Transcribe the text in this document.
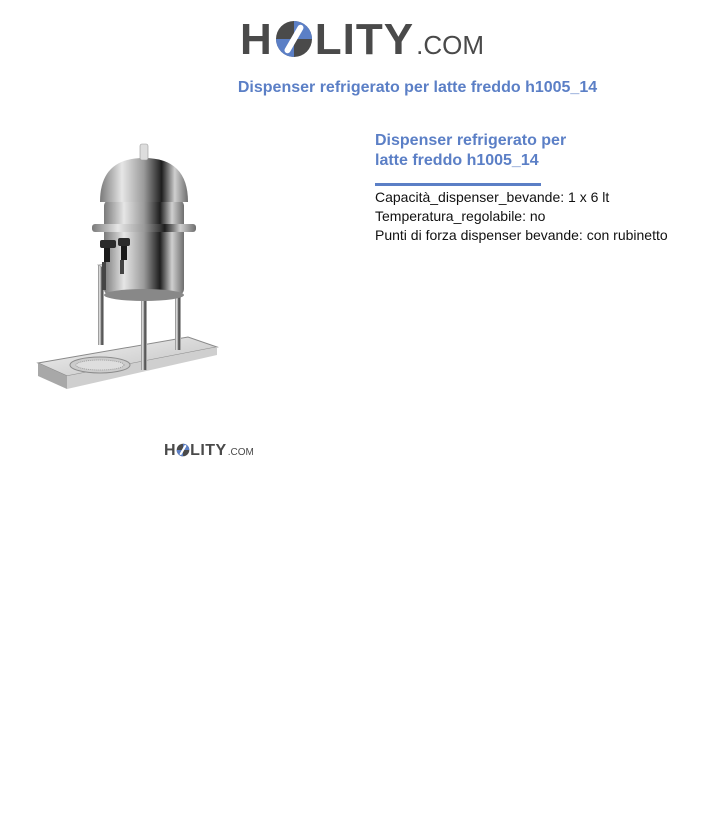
H LITY .COM
Dispenser refrigerato per latte freddo h1005_14
H LITY .COM
Dispenser refrigerato per latte freddo h1005_14
Capacità_dispenser_bevande: 1 x 6 lt
Temperatura_regolabile: no
Punti di forza dispenser bevande: con rubinetto
